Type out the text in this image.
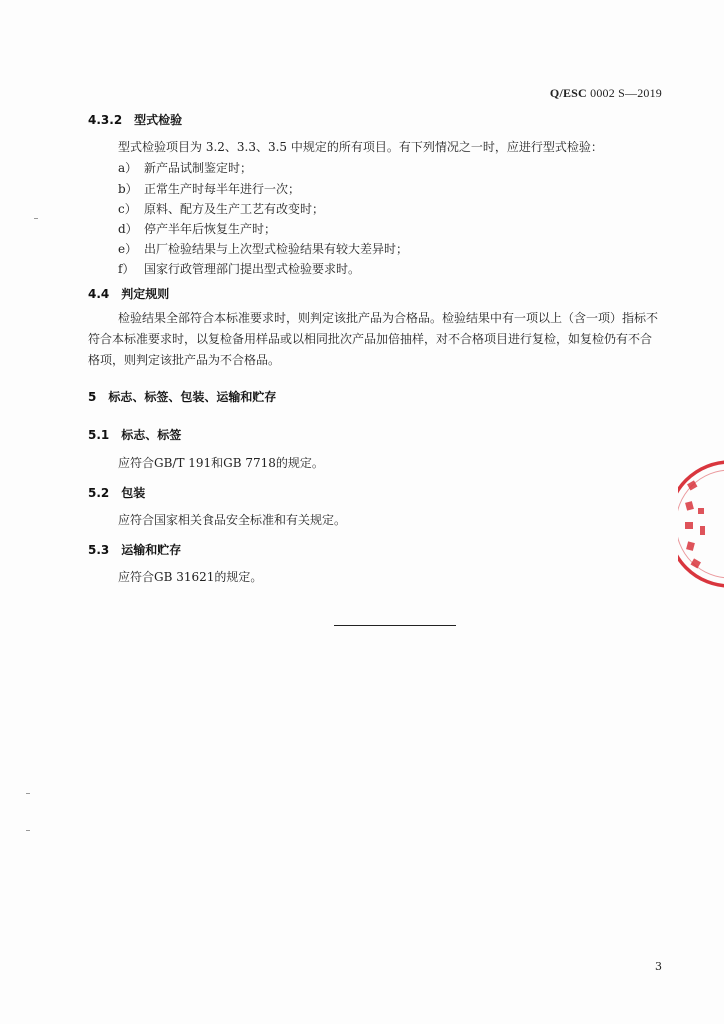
Q/ESC 0002 S—2019
4.3.2 型式检验
型式检验项目为 3.2、3.3、3.5 中规定的所有项目。有下列情况之一时，应进行型式检验：
a） 新产品试制鉴定时；
b） 正常生产时每半年进行一次；
c） 原料、配方及生产工艺有改变时；
d） 停产半年后恢复生产时；
e） 出厂检验结果与上次型式检验结果有较大差异时；
f） 国家行政管理部门提出型式检验要求时。
4.4 判定规则
检验结果全部符合本标准要求时，则判定该批产品为合格品。检验结果中有一项以上（含一项）指标不符合本标准要求时，以复检备用样品或以相同批次产品加倍抽样，对不合格项目进行复检，如复检仍有不合格项，则判定该批产品为不合格品。
5 标志、标签、包装、运输和贮存
5.1 标志、标签
应符合GB/T 191和GB 7718的规定。
5.2 包装
应符合国家相关食品安全标准和有关规定。
5.3 运输和贮存
应符合GB 31621的规定。
3
